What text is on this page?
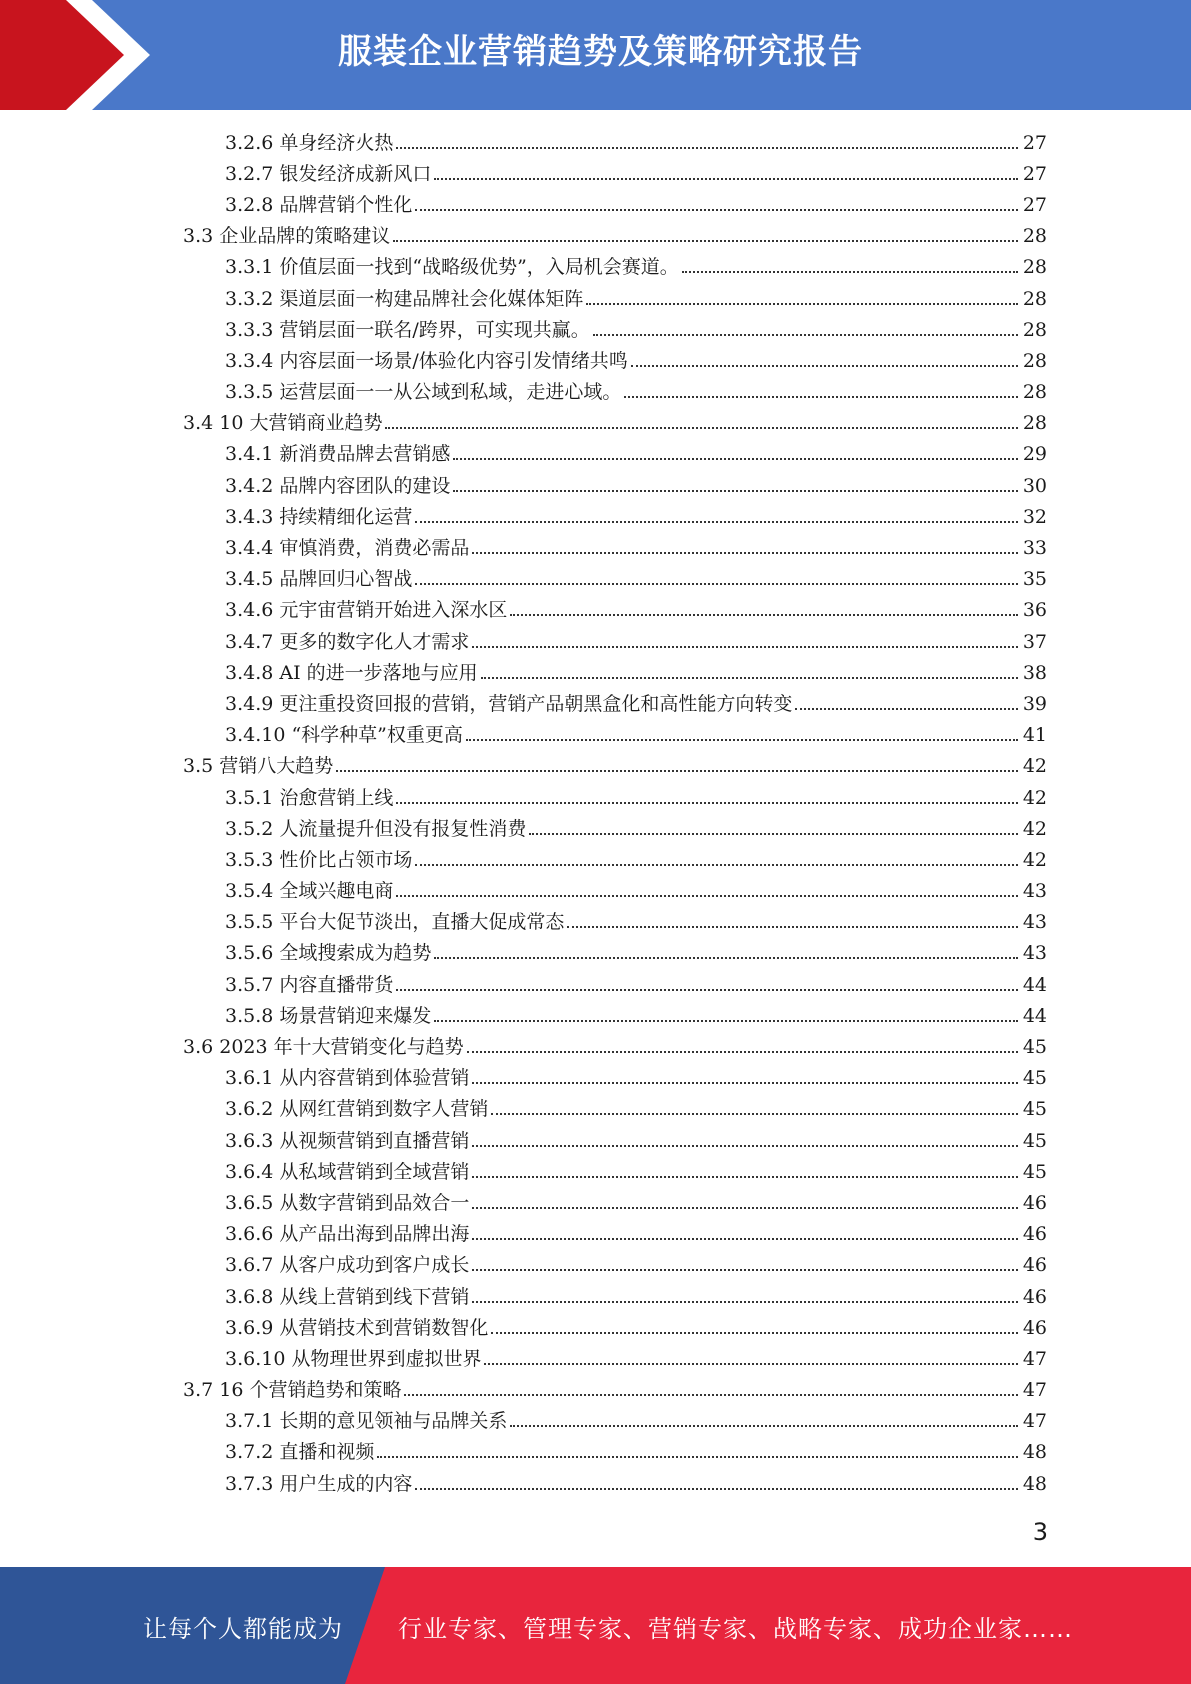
服装企业营销趋势及策略研究报告
3.2.6 单身经济火热	27
3.2.7 银发经济成新风口	27
3.2.8 品牌营销个性化	27
3.3 企业品牌的策略建议	28
3.3.1 价值层面一找到“战略级优势”，入局机会赛道。	28
3.3.2 渠道层面一构建品牌社会化媒体矩阵	28
3.3.3 营销层面一联名/跨界，可实现共赢。	28
3.3.4 内容层面一场景/体验化内容引发情绪共鸣	28
3.3.5 运营层面一一从公域到私域，走进心域。	28
3.4 10 大营销商业趋势	28
3.4.1 新消费品牌去营销感	29
3.4.2 品牌内容团队的建设	30
3.4.3 持续精细化运营	32
3.4.4 审慎消费，消费必需品	33
3.4.5 品牌回归心智战	35
3.4.6 元宇宙营销开始进入深水区	36
3.4.7 更多的数字化人才需求	37
3.4.8 AI 的进一步落地与应用	38
3.4.9 更注重投资回报的营销，营销产品朝黑盒化和高性能方向转变	39
3.4.10 “科学种草”权重更高	41
3.5 营销八大趋势	42
3.5.1 治愈营销上线	42
3.5.2 人流量提升但没有报复性消费	42
3.5.3 性价比占领市场	42
3.5.4 全域兴趣电商	43
3.5.5 平台大促节淡出，直播大促成常态	43
3.5.6 全域搜索成为趋势	43
3.5.7 内容直播带货	44
3.5.8 场景营销迎来爆发	44
3.6 2023 年十大营销变化与趋势	45
3.6.1 从内容营销到体验营销	45
3.6.2 从网红营销到数字人营销	45
3.6.3 从视频营销到直播营销	45
3.6.4 从私域营销到全域营销	45
3.6.5 从数字营销到品效合一	46
3.6.6 从产品出海到品牌出海	46
3.6.7 从客户成功到客户成长	46
3.6.8 从线上营销到线下营销	46
3.6.9 从营销技术到营销数智化	46
3.6.10 从物理世界到虚拟世界	47
3.7 16 个营销趋势和策略	47
3.7.1 长期的意见领袖与品牌关系	47
3.7.2 直播和视频	48
3.7.3 用户生成的内容	48
3
让每个人都能成为 行业专家、管理专家、营销专家、战略专家、成功企业家……
